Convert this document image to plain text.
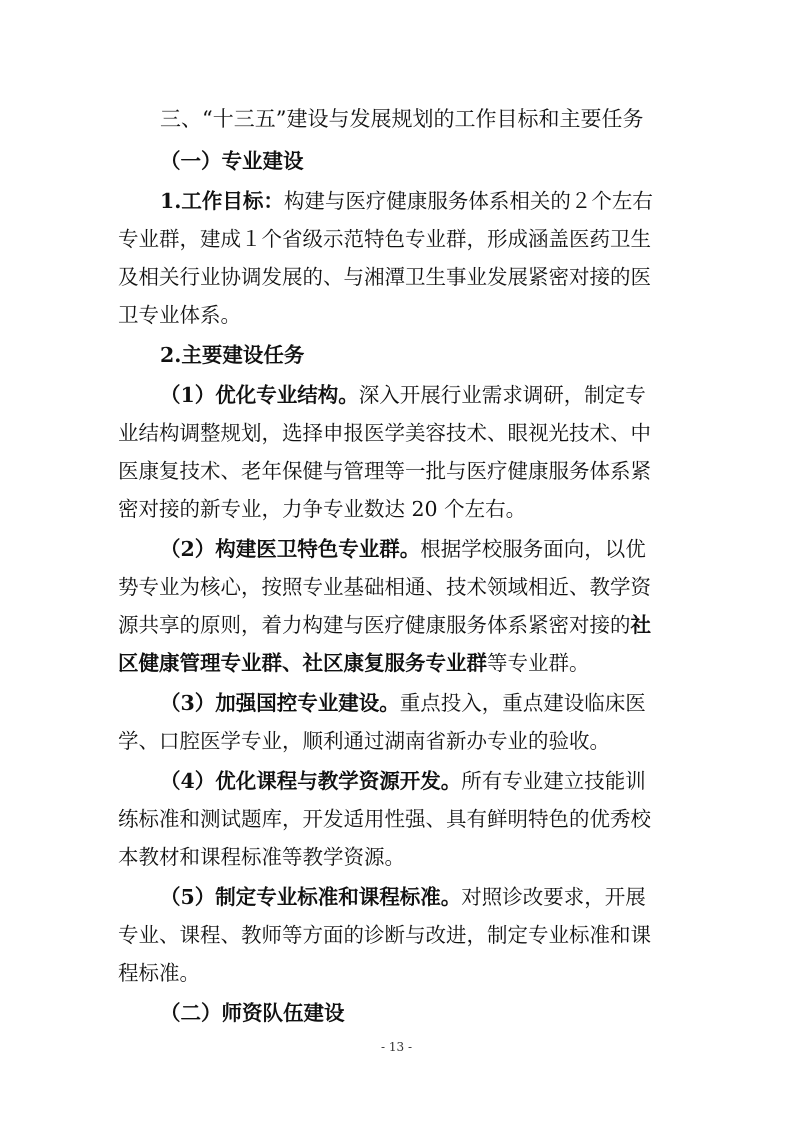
三、“十三五”建设与发展规划的工作目标和主要任务
（一）专业建设
1.工作目标：构建与医疗健康服务体系相关的２个左右
专业群，建成１个省级示范特色专业群，形成涵盖医药卫生
及相关行业协调发展的、与湘潭卫生事业发展紧密对接的医
卫专业体系。
2.主要建设任务
（1）优化专业结构。深入开展行业需求调研，制定专
业结构调整规划，选择申报医学美容技术、眼视光技术、中
医康复技术、老年保健与管理等一批与医疗健康服务体系紧
密对接的新专业，力争专业数达 20 个左右。
（2）构建医卫特色专业群。根据学校服务面向，以优
势专业为核心，按照专业基础相通、技术领域相近、教学资
源共享的原则，着力构建与医疗健康服务体系紧密对接的社
区健康管理专业群、社区康复服务专业群等专业群。
（3）加强国控专业建设。重点投入，重点建设临床医
学、口腔医学专业，顺利通过湖南省新办专业的验收。
（4）优化课程与教学资源开发。所有专业建立技能训
练标准和测试题库，开发适用性强、具有鲜明特色的优秀校
本教材和课程标准等教学资源。
（5）制定专业标准和课程标准。对照诊改要求，开展
专业、课程、教师等方面的诊断与改进，制定专业标准和课
程标准。
（二）师资队伍建设
- 13 -
